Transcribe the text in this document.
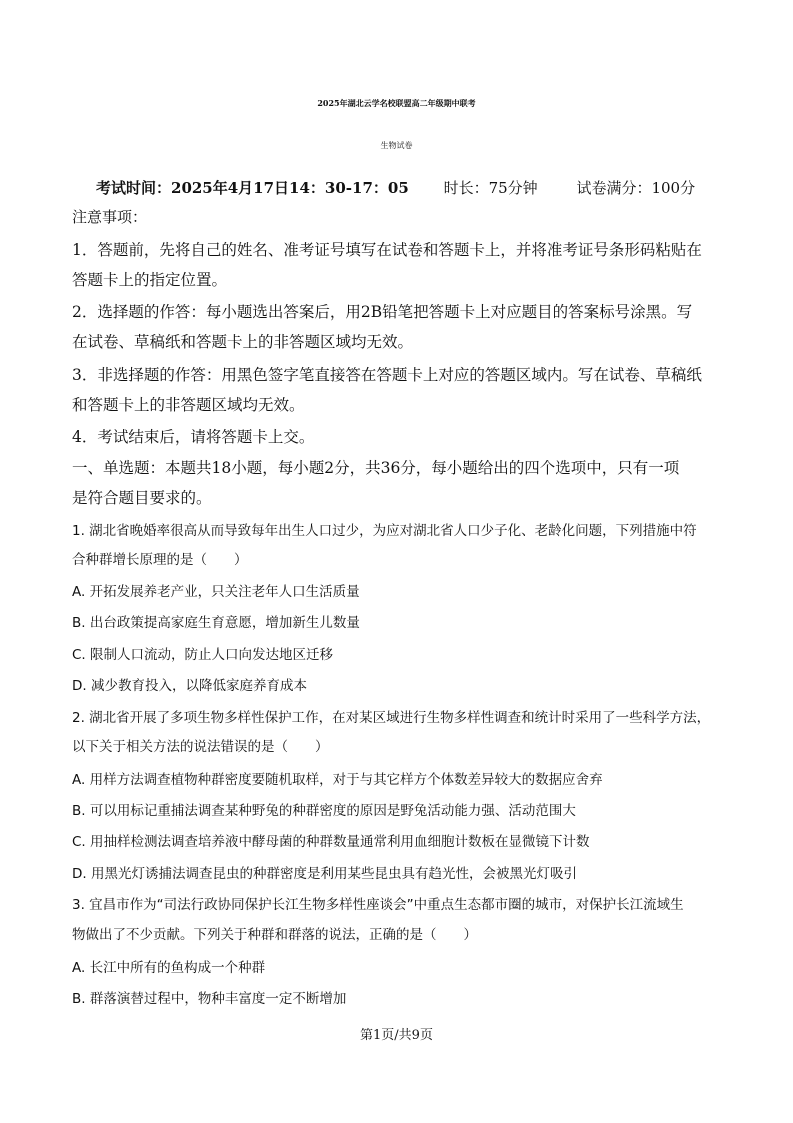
2025年湖北云学名校联盟高二年级期中联考
生物试卷
考试时间：2025年4月17日14：30-17：05 时长：75分钟	试卷满分：100分
注意事项：
1．答题前，先将自己的姓名、准考证号填写在试卷和答题卡上，并将准考证号条形码粘贴在
答题卡上的指定位置。
2．选择题的作答：每小题选出答案后，用2B铅笔把答题卡上对应题目的答案标号涂黑。写
在试卷、草稿纸和答题卡上的非答题区域均无效。
3．非选择题的作答：用黑色签字笔直接答在答题卡上对应的答题区域内。写在试卷、草稿纸
和答题卡上的非答题区域均无效。
4．考试结束后，请将答题卡上交。
一、单选题：本题共18小题，每小题2分，共36分，每小题给出的四个选项中，只有一项
是符合题目要求的。
1. 湖北省晚婚率很高从而导致每年出生人口过少，为应对湖北省人口少子化、老龄化问题，下列措施中符
合种群增长原理的是（　　）
A. 开拓发展养老产业，只关注老年人口生活质量
B. 出台政策提高家庭生育意愿，增加新生儿数量
C. 限制人口流动，防止人口向发达地区迁移
D. 减少教育投入，以降低家庭养育成本
2. 湖北省开展了多项生物多样性保护工作，在对某区域进行生物多样性调查和统计时采用了一些科学方法，
以下关于相关方法的说法错误的是（　　）
A. 用样方法调查植物种群密度要随机取样，对于与其它样方个体数差异较大的数据应舍弃
B. 可以用标记重捕法调查某种野兔的种群密度的原因是野兔活动能力强、活动范围大
C. 用抽样检测法调查培养液中酵母菌的种群数量通常利用血细胞计数板在显微镜下计数
D. 用黑光灯诱捕法调查昆虫的种群密度是利用某些昆虫具有趋光性，会被黑光灯吸引
3. 宜昌市作为“司法行政协同保护长江生物多样性座谈会”中重点生态都市圈的城市，对保护长江流域生
物做出了不少贡献。下列关于种群和群落的说法，正确的是（　　）
A. 长江中所有的鱼构成一个种群
B. 群落演替过程中，物种丰富度一定不断增加
第1页/共9页
